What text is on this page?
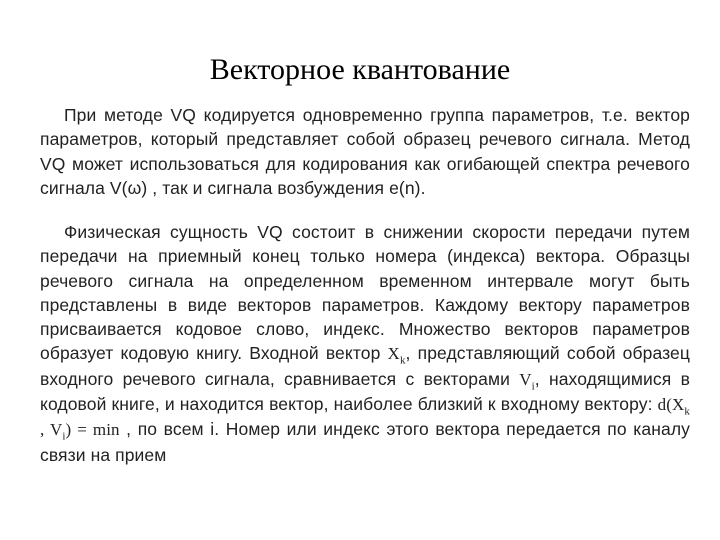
Векторное квантование
При методе VQ кодируется одновременно группа параметров, т.е. вектор параметров, который представляет собой образец речевого сигнала. Метод VQ может использоваться для кодирования как огибающей спектра речевого сигнала V(ω) , так и сигнала возбуждения e(n).
Физическая сущность VQ состоит в снижении скорости передачи путем передачи на приемный конец только номера (индекса) вектора. Образцы речевого сигнала на определенном временном интервале могут быть представлены в виде векторов параметров. Каждому вектору параметров присваивается кодовое слово, индекс. Множество векторов параметров образует кодовую книгу. Входной вектор $X_k$, представляющий собой образец входного речевого сигнала, сравнивается с векторами $V_i$, находящимися в кодовой книге, и находится вектор, наиболее близкий к входному вектору: $d(X_k$ , $V_i) = \min$ , по всем i. Номер или индекс этого вектора передается по каналу связи на прием
